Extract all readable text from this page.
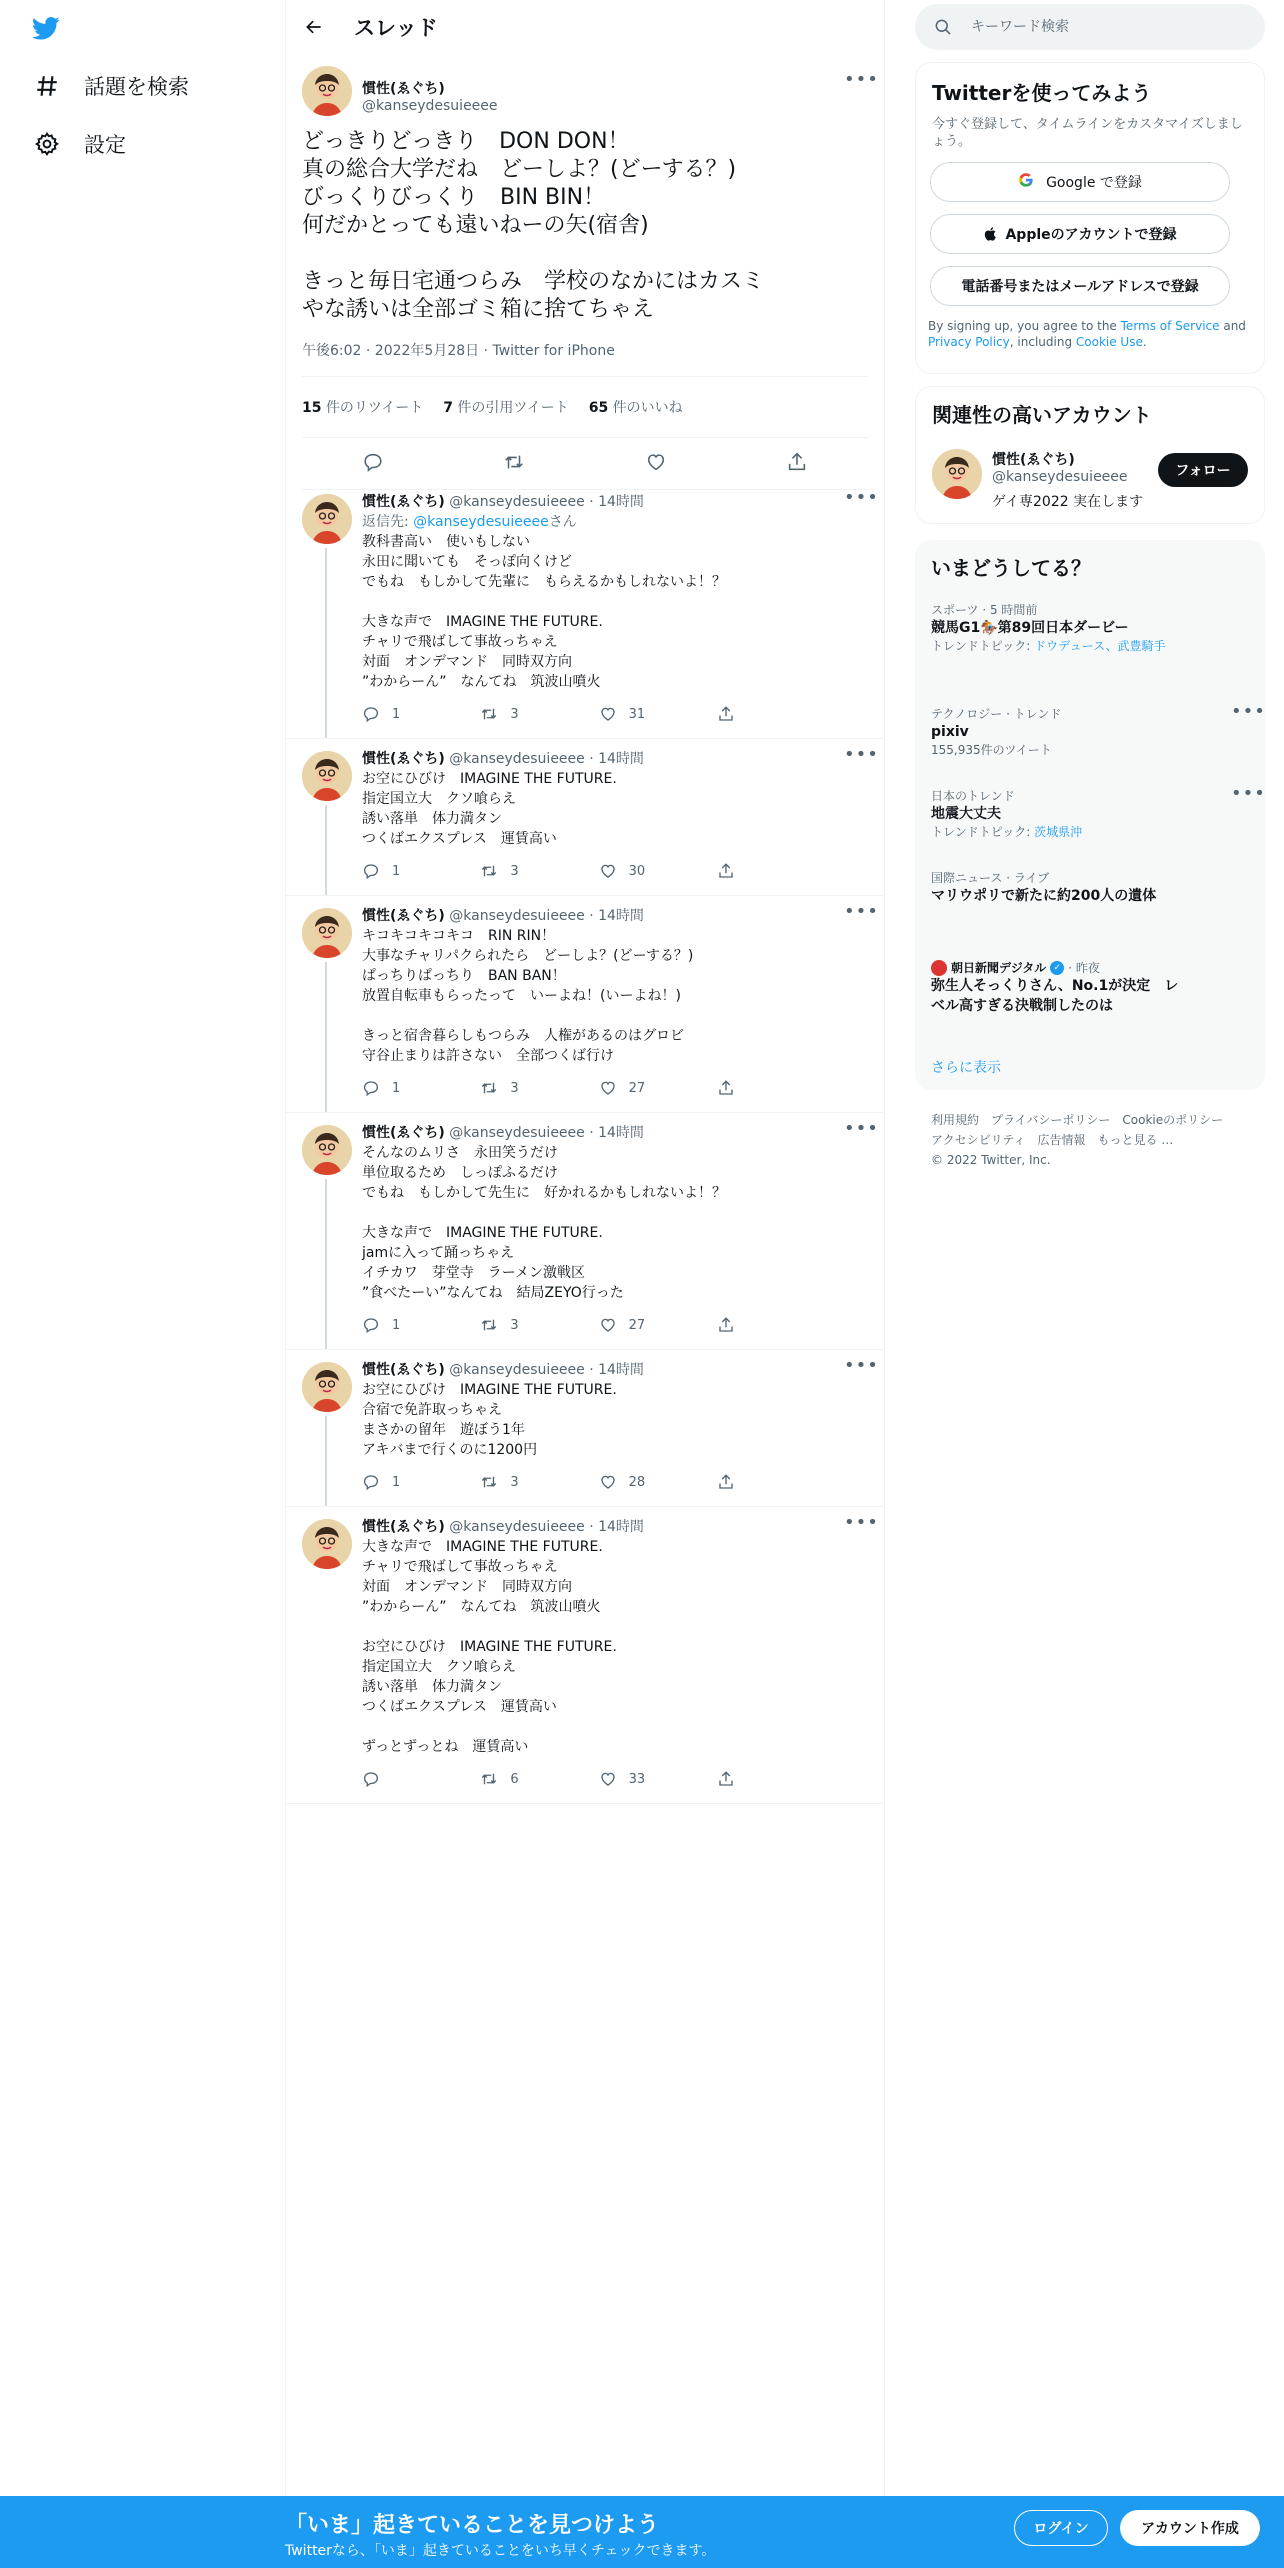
話題を検索
設定
スレッド
慣性(ゑぐち)
@kanseydesuieeee
•••
どっきりどっきり　DON DON！
真の総合大学だね　どーしよ？(どーする？)
びっくりびっくり　BIN BIN！
何だかとっても遠いねーの矢(宿舎)

きっと毎日宅通つらみ　学校のなかにはカスミ
やな誘いは全部ゴミ箱に捨てちゃえ
午後6:02 · 2022年5月28日 · Twitter for iPhone
15 件のリツイート 7 件の引用ツイート 65 件のいいね
慣性(ゑぐち) @kanseydesuieeee · 14時間	•••
返信先: @kanseydesuieeeeさん
教科書高い　使いもしない
永田に聞いても　そっぽ向くけど
でもね　もしかして先輩に　もらえるかもしれないよ！？

大きな声で　IMAGINE THE FUTURE.
チャリで飛ばして事故っちゃえ
対面　オンデマンド　同時双方向
”わからーん”　なんてね　筑波山噴火
1	3	31
慣性(ゑぐち) @kanseydesuieeee · 14時間	•••
お空にひびけ　IMAGINE THE FUTURE.
指定国立大　クソ喰らえ
誘い落単　体力満タン
つくばエクスプレス　運賃高い
1	3	30
慣性(ゑぐち) @kanseydesuieeee · 14時間	•••
キコキコキコキコ　RIN RIN！
大事なチャリパクられたら　どーしよ？(どーする？)
ぱっちりぱっちり　BAN BAN！
放置自転車もらったって　いーよね！(いーよね！)

きっと宿舎暮らしもつらみ　人権があるのはグロビ
守谷止まりは許さない　全部つくば行け
1	3	27
慣性(ゑぐち) @kanseydesuieeee · 14時間	•••
そんなのムリさ　永田笑うだけ
単位取るため　しっぽふるだけ
でもね　もしかして先生に　好かれるかもしれないよ！？

大きな声で　IMAGINE THE FUTURE.
jamに入って踊っちゃえ
イチカワ　芽堂寺　ラーメン激戦区
”食べたーい”なんてね　結局ZEYO行った
1	3	27
慣性(ゑぐち) @kanseydesuieeee · 14時間	•••
お空にひびけ　IMAGINE THE FUTURE.
合宿で免許取っちゃえ
まさかの留年　遊ぼう1年
アキバまで行くのに1200円
1	3	28
慣性(ゑぐち) @kanseydesuieeee · 14時間	•••
大きな声で　IMAGINE THE FUTURE.
チャリで飛ばして事故っちゃえ
対面　オンデマンド　同時双方向
”わからーん”　なんてね　筑波山噴火

お空にひびけ　IMAGINE THE FUTURE.
指定国立大　クソ喰らえ
誘い落単　体力満タン
つくばエクスプレス　運賃高い

ずっとずっとね　運賃高い
6	33
キーワード検索
Twitterを使ってみよう
今すぐ登録して、タイムラインをカスタマイズしましょう。
Google で登録
Appleのアカウントで登録
電話番号またはメールアドレスで登録
By signing up, you agree to the Terms of Service and Privacy Policy, including Cookie Use.
関連性の高いアカウント
慣性(ゑぐち)
@kanseydesuieeee
ゲイ専2022 実在します
フォロー
いまどうしてる？
スポーツ · 5 時間前
競馬G1🏇第89回日本ダービー
トレンドトピック: ドウデュース、武豊騎手
テクノロジー · トレンド
pixiv
155,935件のツイート
•••
日本のトレンド
地震大丈夫
トレンドトピック: 茨城県沖
•••
国際ニュース · ライブ
マリウポリで新たに約200人の遺体
朝日新聞デジタル ✓ · 昨夜
弥生人そっくりさん、No.1が決定　レベル高すぎる決戦制したのは
さらに表示
利用規約 プライバシーポリシー Cookieのポリシーアクセシビリティ 広告情報 もっと見る …© 2022 Twitter, Inc.
「いま」起きていることを見つけよう
Twitterなら、「いま」起きていることをいち早くチェックできます。
ログイン	アカウント作成
